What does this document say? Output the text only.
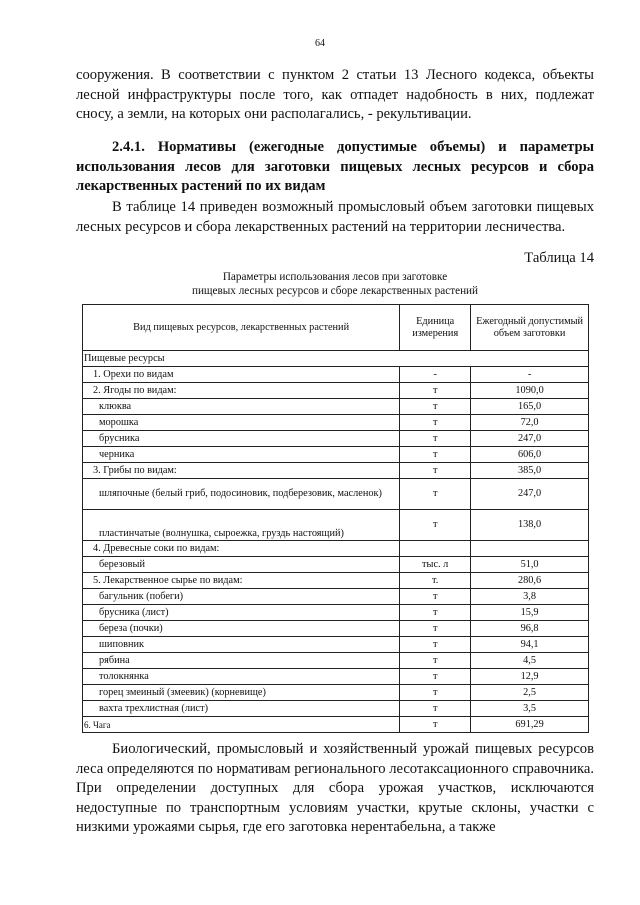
64
сооружения. В соответствии с пунктом 2 статьи 13 Лесного кодекса, объекты лесной инфраструктуры после того, как отпадет надобность в них, подлежат сносу, а земли, на которых они располагались, - рекультивации.
2.4.1. Нормативы (ежегодные допустимые объемы) и параметры использования лесов для заготовки пищевых лесных ресурсов и сбора лекарственных растений по их видам
В таблице 14 приведен возможный промысловый объем заготовки пищевых лесных ресурсов и сбора лекарственных растений на территории лесничества.
Таблица 14
Параметры использования лесов при заготовке
пищевых лесных ресурсов и сборе лекарственных растений
Вид пищевых ресурсов, лекарственных растений	Единица измерения	Ежегодный допустимый объем заготовки
Пищевые ресурсы		
1. Орехи по видам	-	-
2. Ягоды по видам:	т	1090,0
клюква	т	165,0
морошка	т	72,0
брусника	т	247,0
черника	т	606,0
3. Грибы по видам:	т	385,0
шляпочные (белый гриб, подосиновик, подберезовик, масленок)	т	247,0
пластинчатые (волнушка, сыроежка, груздь настоящий)	т	138,0
4. Древесные соки по видам:		
березовый	тыс. л	51,0
5. Лекарственное сырье по видам:	т.	280,6
багульник (побеги)	т	3,8
брусника (лист)	т	15,9
береза (почки)	т	96,8
шиповник	т	94,1
рябина	т	4,5
толокнянка	т	12,9
горец змеиный (змеевик) (корневище)	т	2,5
вахта трехлистная (лист)	т	3,5
6. Чага	т	691,29
Биологический, промысловый и хозяйственный урожай пищевых ресурсов леса определяются по нормативам регионального лесотаксационного справочника. При определении доступных для сбора урожая участков, исключаются недоступные по транспортным условиям участки, крутые склоны, участки с низкими урожаями сырья, где его заготовка нерентабельна, а также
